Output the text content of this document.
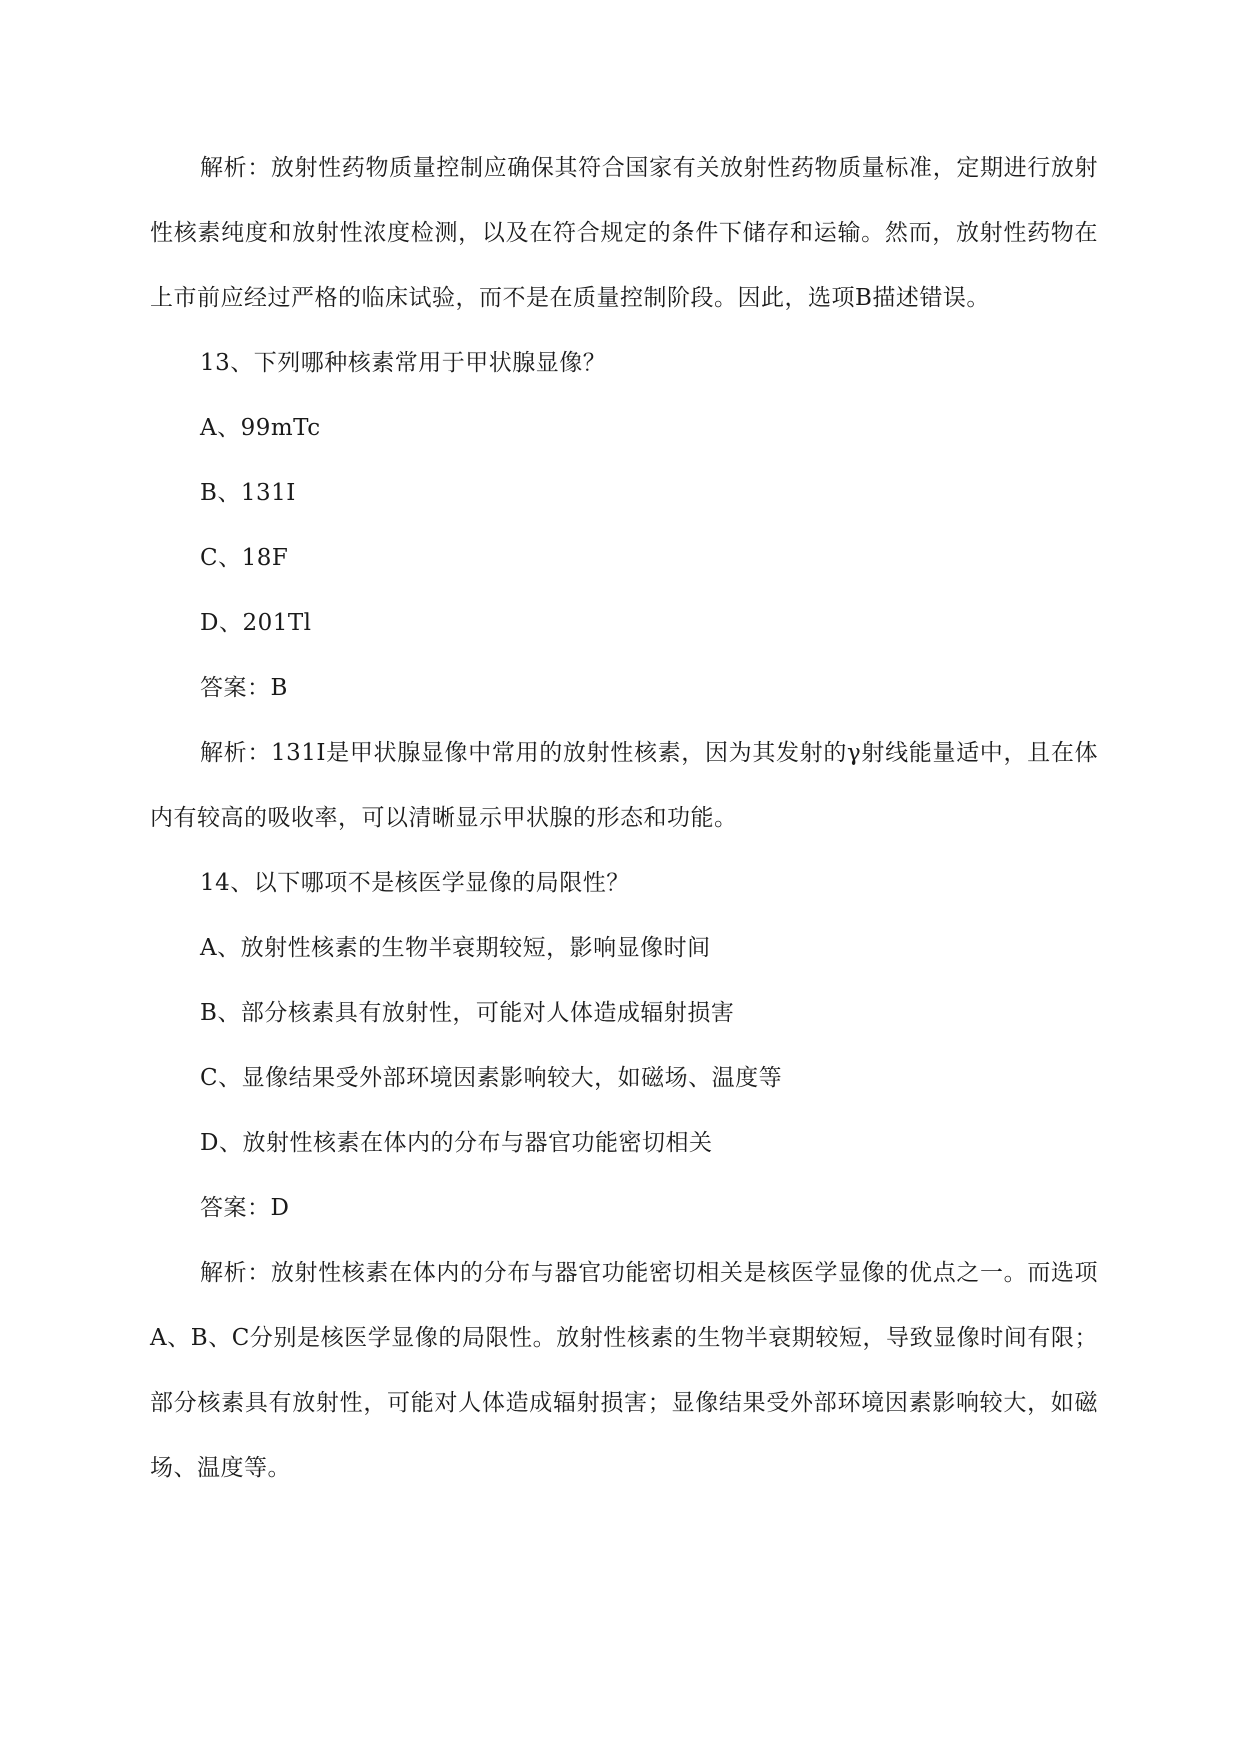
解析：放射性药物质量控制应确保其符合国家有关放射性药物质量标准，定期进行放射性核素纯度和放射性浓度检测，以及在符合规定的条件下储存和运输。然而，放射性药物在上市前应经过严格的临床试验，而不是在质量控制阶段。因此，选项B描述错误。

13、下列哪种核素常用于甲状腺显像？

A、99mTc

B、131I

C、18F

D、201Tl

答案：B

解析：131I是甲状腺显像中常用的放射性核素，因为其发射的γ射线能量适中，且在体内有较高的吸收率，可以清晰显示甲状腺的形态和功能。

14、以下哪项不是核医学显像的局限性？

A、放射性核素的生物半衰期较短，影响显像时间

B、部分核素具有放射性，可能对人体造成辐射损害

C、显像结果受外部环境因素影响较大，如磁场、温度等

D、放射性核素在体内的分布与器官功能密切相关

答案：D

解析：放射性核素在体内的分布与器官功能密切相关是核医学显像的优点之一。而选项A、B、C分别是核医学显像的局限性。放射性核素的生物半衰期较短，导致显像时间有限；部分核素具有放射性，可能对人体造成辐射损害；显像结果受外部环境因素影响较大，如磁场、温度等。
